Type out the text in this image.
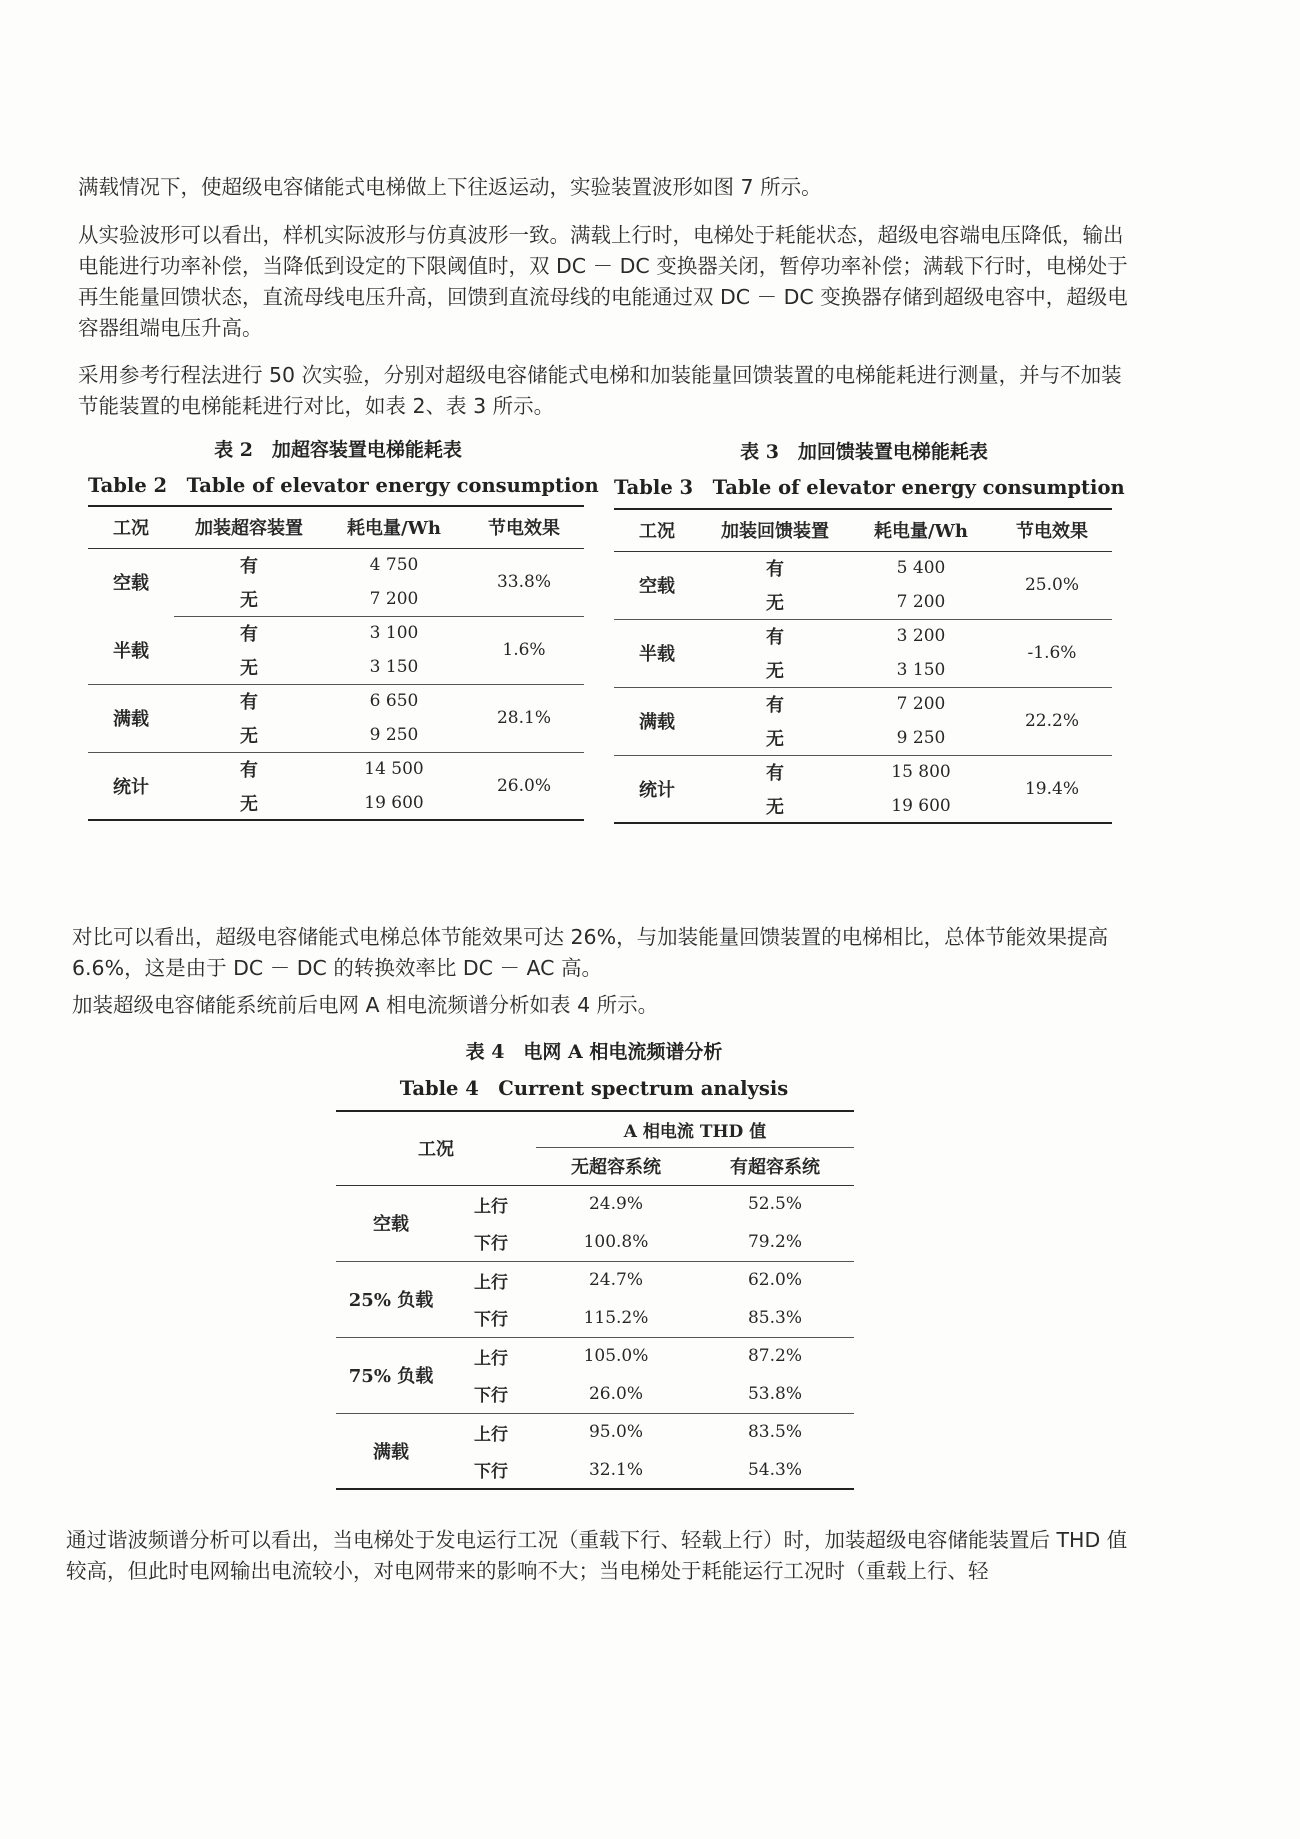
满载情况下，使超级电容储能式电梯做上下往返运动，实验装置波形如图 7 所示。

从实验波形可以看出，样机实际波形与仿真波形一致。满载上行时，电梯处于耗能状态，超级电容端电压降低，输出电能进行功率补偿，当降低到设定的下限阈值时，双 DC － DC 变换器关闭，暂停功率补偿；满载下行时，电梯处于再生能量回馈状态，直流母线电压升高，回馈到直流母线的电能通过双 DC － DC 变换器存储到超级电容中，超级电容器组端电压升高。

采用参考行程法进行 50 次实验，分别对超级电容储能式电梯和加装能量回馈装置的电梯能耗进行测量，并与不加装节能装置的电梯能耗进行对比，如表 2、表 3 所示。

表 2　加超容装置电梯能耗表
Table 2　Table of elevator energy consumption
工况	加装超容装置	耗电量/Wh	节电效果
空载	有	4 750	33.8%
	无	7 200	
半载	有	3 100	1.6%
	无	3 150	
满载	有	6 650	28.1%
	无	9 250	
统计	有	14 500	26.0%
	无	19 600	
表 3　加回馈装置电梯能耗表
Table 3　Table of elevator energy consumption
工况	加装回馈装置	耗电量/Wh	节电效果
空载	有	5 400	25.0%
	无	7 200	
半载	有	3 200	-1.6%
	无	3 150	
满载	有	7 200	22.2%
	无	9 250	
统计	有	15 800	19.4%
	无	19 600	

对比可以看出，超级电容储能式电梯总体节能效果可达 26%，与加装能量回馈装置的电梯相比，总体节能效果提高 6.6%，这是由于 DC － DC 的转换效率比 DC － AC 高。

加装超级电容储能系统前后电网 A 相电流频谱分析如表 4 所示。

表 4　电网 A 相电流频谱分析
Table 4　Current spectrum analysis
工况		A 相电流 THD 值	
		无超容系统	有超容系统
空载	上行	24.9%	52.5%
	下行	100.8%	79.2%
25% 负载	上行	24.7%	62.0%
	下行	115.2%	85.3%
75% 负载	上行	105.0%	87.2%
	下行	26.0%	53.8%
满载	上行	95.0%	83.5%
	下行	32.1%	54.3%

通过谐波频谱分析可以看出，当电梯处于发电运行工况（重载下行、轻载上行）时，加装超级电容储能装置后 THD 值较高，但此时电网输出电流较小，对电网带来的影响不大；当电梯处于耗能运行工况时（重载上行、轻
